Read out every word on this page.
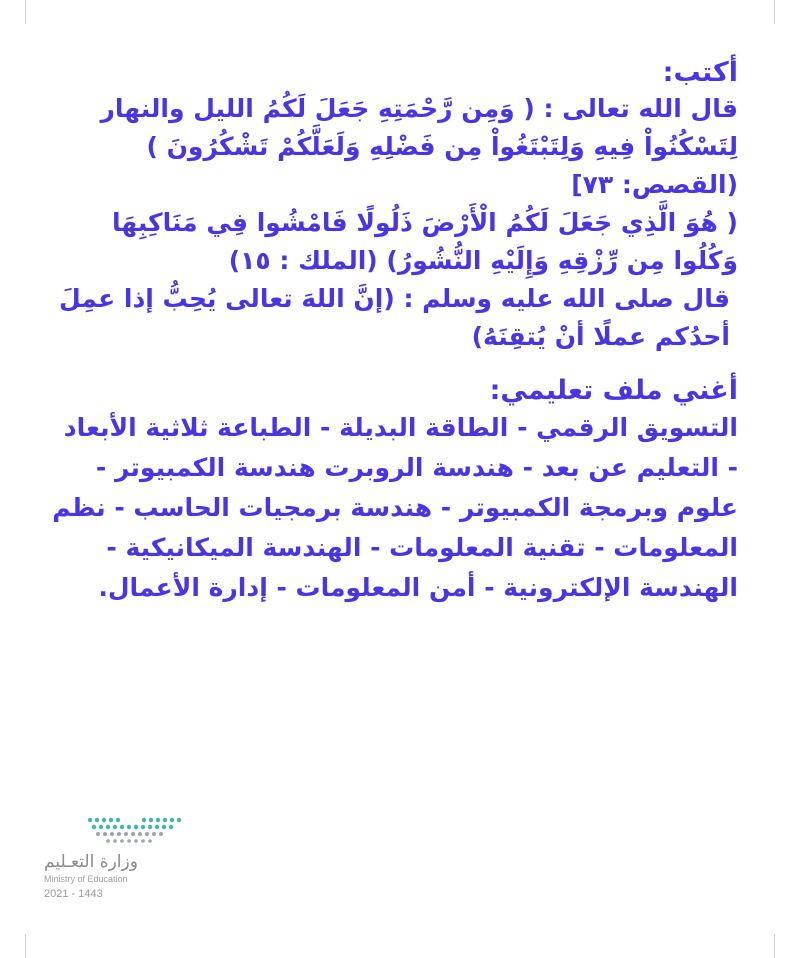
أكتب:

قال الله تعالى : ( وَمِن رَّحْمَتِهِ جَعَلَ لَكُمُ الليل والنهار لِتَسْكُنُواْ فِيهِ وَلِتَبْتَغُواْ مِن فَضْلِهِ وَلَعَلَّكُمْ تَشْكُرُونَ ) (القصص: ٧٣]

( هُوَ الَّذِي جَعَلَ لَكُمُ الْأَرْضَ ذَلُولًا فَامْشُوا فِي مَنَاكِبِهَا وَكُلُوا مِن رِّزْقِهِ وَإِلَيْهِ النُّشُورُ) (الملك : ١٥)

قال صلى الله عليه وسلم : (إنَّ اللهَ تعالى يُحِبُّ إذا عمِلَ أحدُكم عملًا أنْ يُتقِنَهُ)

أغني ملف تعليمي:

التسويق الرقمي - الطاقة البديلة - الطباعة ثلاثية الأبعاد - التعليم عن بعد - هندسة الروبرت هندسة الكمبيوتر - علوم وبرمجة الكمبيوتر - هندسة برمجيات الحاسب - نظم المعلومات - تقنية المعلومات - الهندسة الميكانيكية - الهندسة الإلكترونية - أمن المعلومات - إدارة الأعمال.

وزارة التعـليم
Ministry of Education
2021 - 1443
